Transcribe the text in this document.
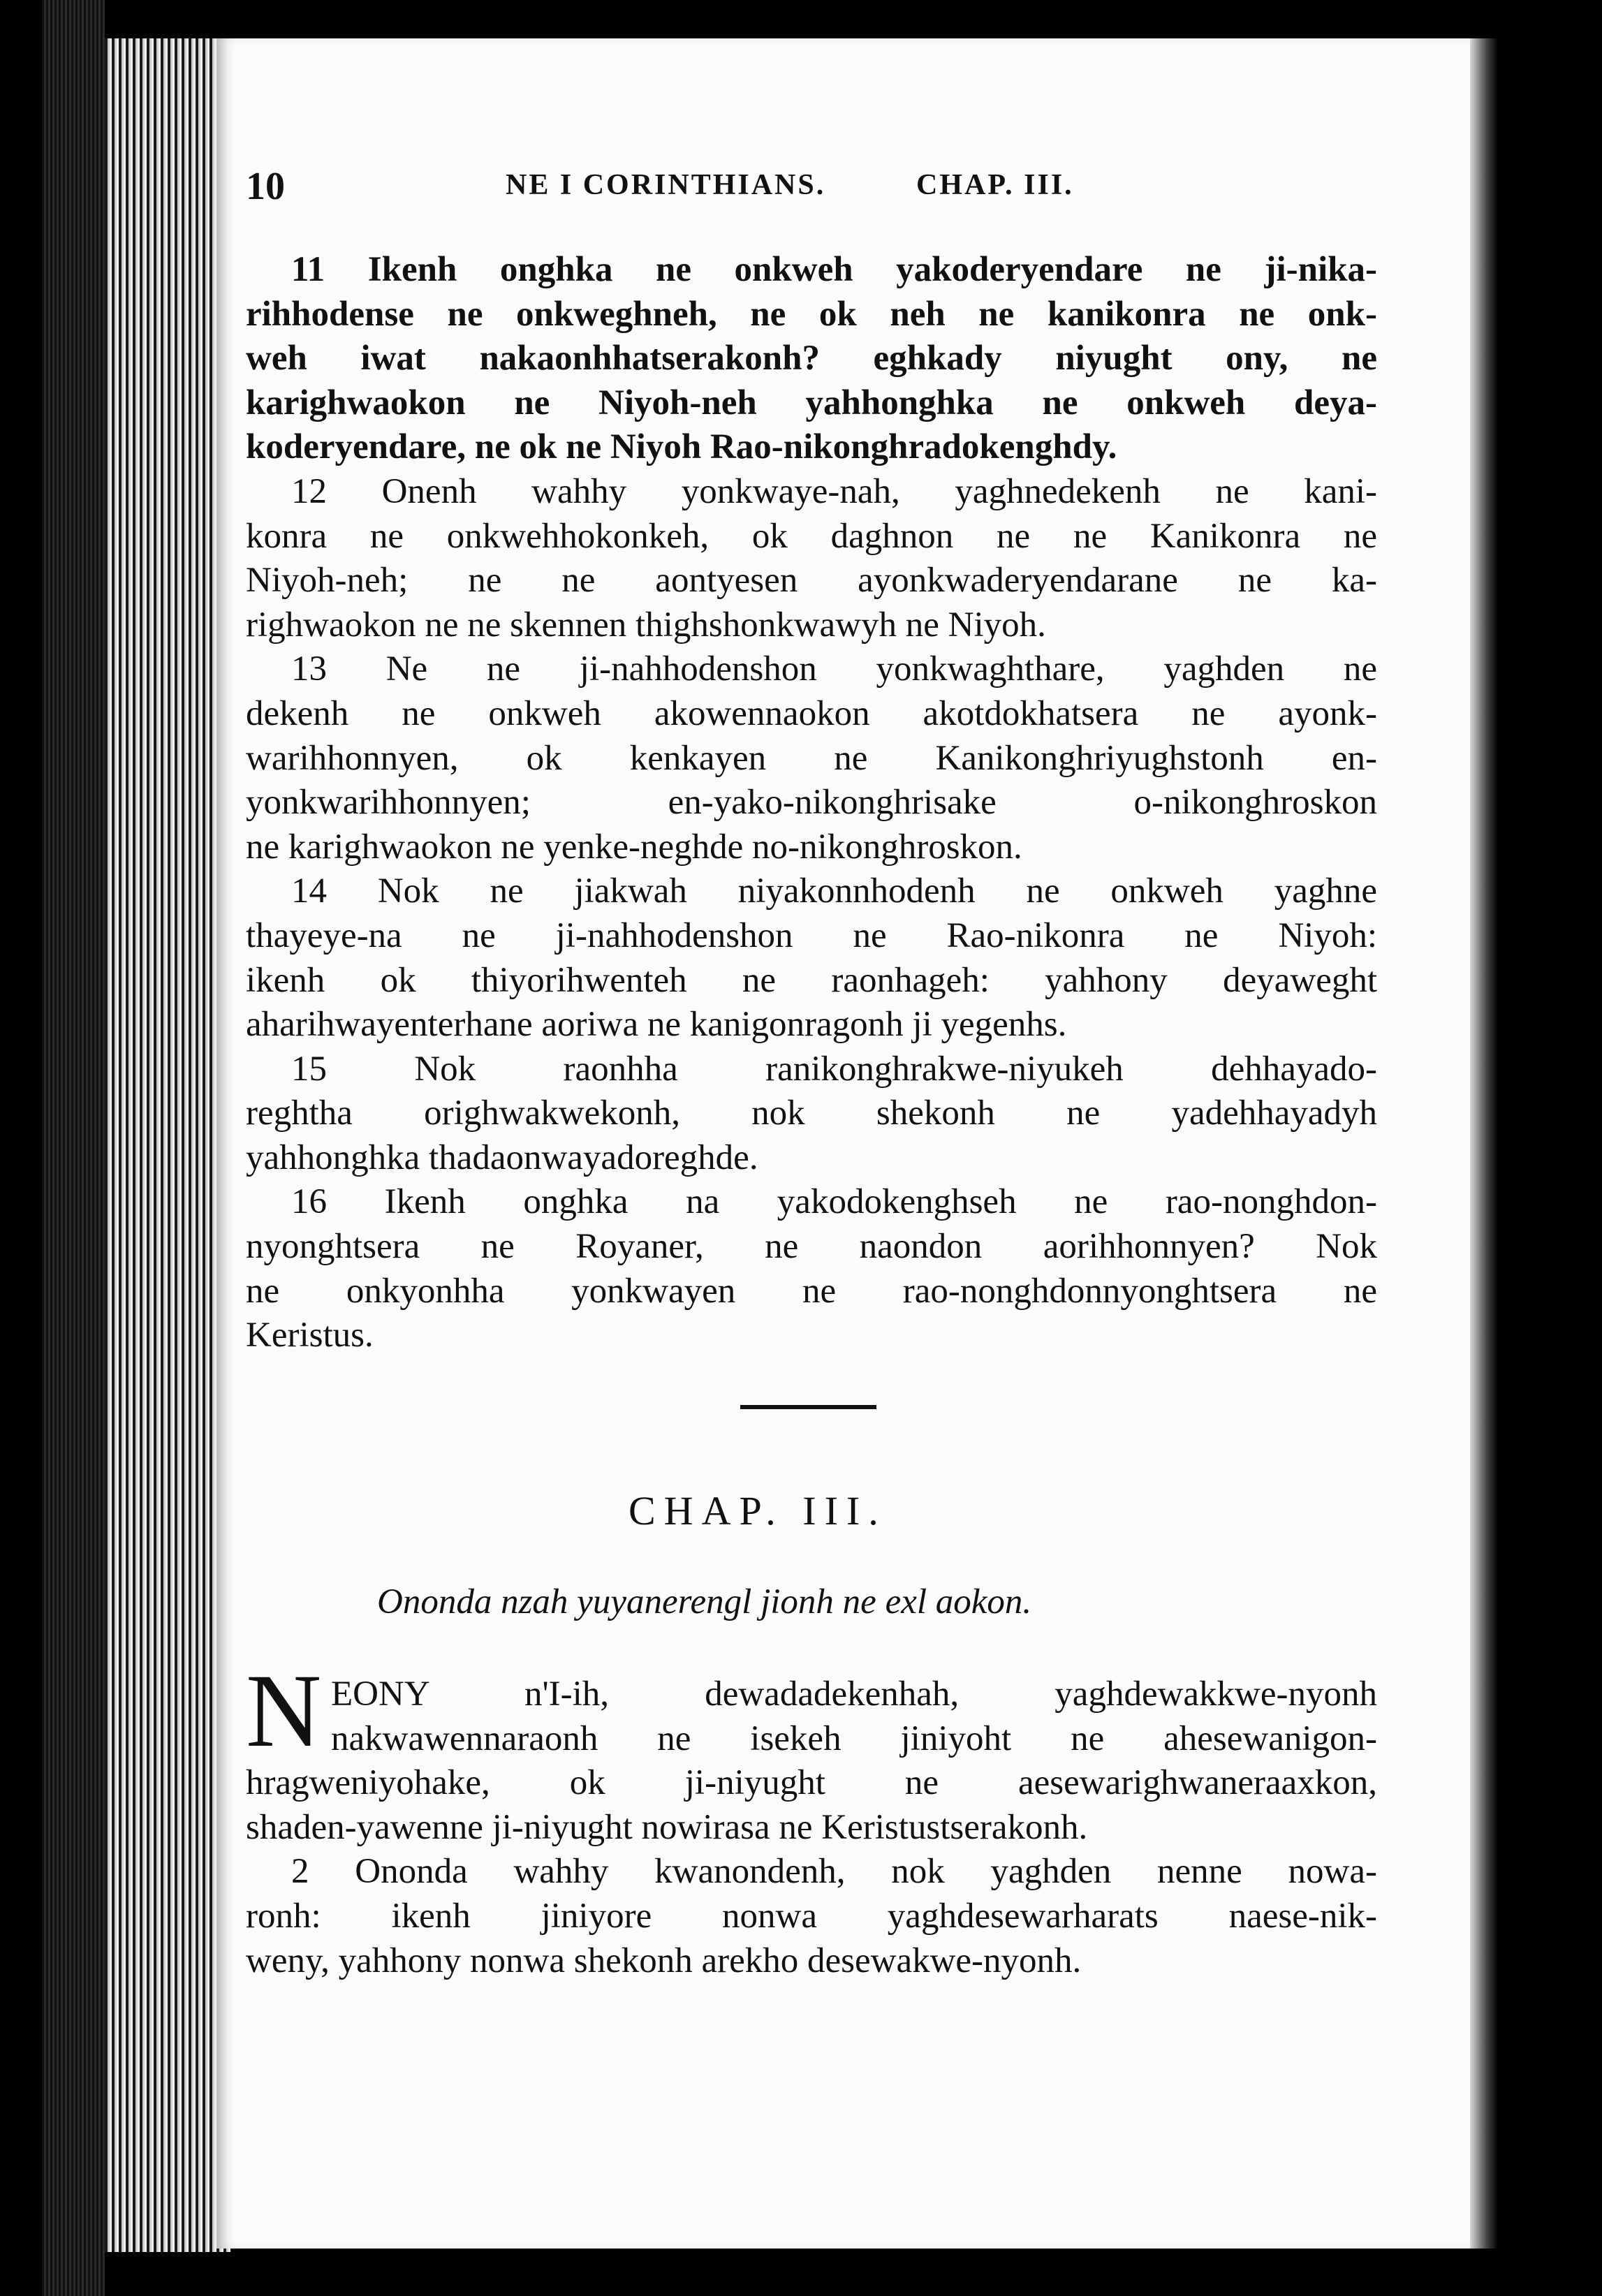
10	NE I CORINTHIANS.	CHAP. III.
11 Ikenh onghka ne onkweh yakoderyendare ne ji-nika-
rihhodense ne onkweghneh, ne ok neh ne kanikonra ne onk-
weh iwat nakaonhhatserakonh? eghkady niyught ony, ne
karighwaokon ne Niyoh-neh yahhonghka ne onkweh deya-
koderyendare, ne ok ne Niyoh Rao-nikonghradokenghdy.
12 Onenh wahhy yonkwaye-nah, yaghnedekenh ne kani-
konra ne onkwehhokonkeh, ok daghnon ne ne Kanikonra ne
Niyoh-neh; ne ne aontyesen ayonkwaderyendarane ne ka-
righwaokon ne ne skennen thighshonkwawyh ne Niyoh.
13 Ne ne ji-nahhodenshon yonkwaghthare, yaghden ne
dekenh ne onkweh akowennaokon akotdokhatsera ne ayonk-
warihhonnyen, ok kenkayen ne Kanikonghriyughstonh en-
yonkwarihhonnyen; en-yako-nikonghrisake o-nikonghroskon
ne karighwaokon ne yenke-neghde no-nikonghroskon.
14 Nok ne jiakwah niyakonnhodenh ne onkweh yaghne
thayeye-na ne ji-nahhodenshon ne Rao-nikonra ne Niyoh:
ikenh ok thiyorihwenteh ne raonhageh: yahhony deyaweght
aharihwayenterhane aoriwa ne kanigonragonh ji yegenhs.
15 Nok raonhha ranikonghrakwe-niyukeh dehhayado-
reghtha orighwakwekonh, nok shekonh ne yadehhayadyh
yahhonghka thadaonwayadoreghde.
16 Ikenh onghka na yakodokenghseh ne rao-nonghdon-
nyonghtsera ne Royaner, ne naondon aorihhonnyen? Nok
ne onkyonhha yonkwayen ne rao-nonghdonnyonghtsera ne
Keristus.
CHAP. III.
Ononda nzah yuyanerengl jionh ne exl aokon.
N EONY n'I-ih, dewadadekenhah, yaghdewakkwe-nyonh
nakwawennaraonh ne isekeh jiniyoht ne ahesewanigon-
hragweniyohake, ok ji-niyught ne aesewarighwaneraaxkon,
shaden-yawenne ji-niyught nowirasa ne Keristustserakonh.
2 Ononda wahhy kwanondenh, nok yaghden nenne nowa-
ronh: ikenh jiniyore nonwa yaghdesewarharats naese-nik-
weny, yahhony nonwa shekonh arekho desewakwe-nyonh.
